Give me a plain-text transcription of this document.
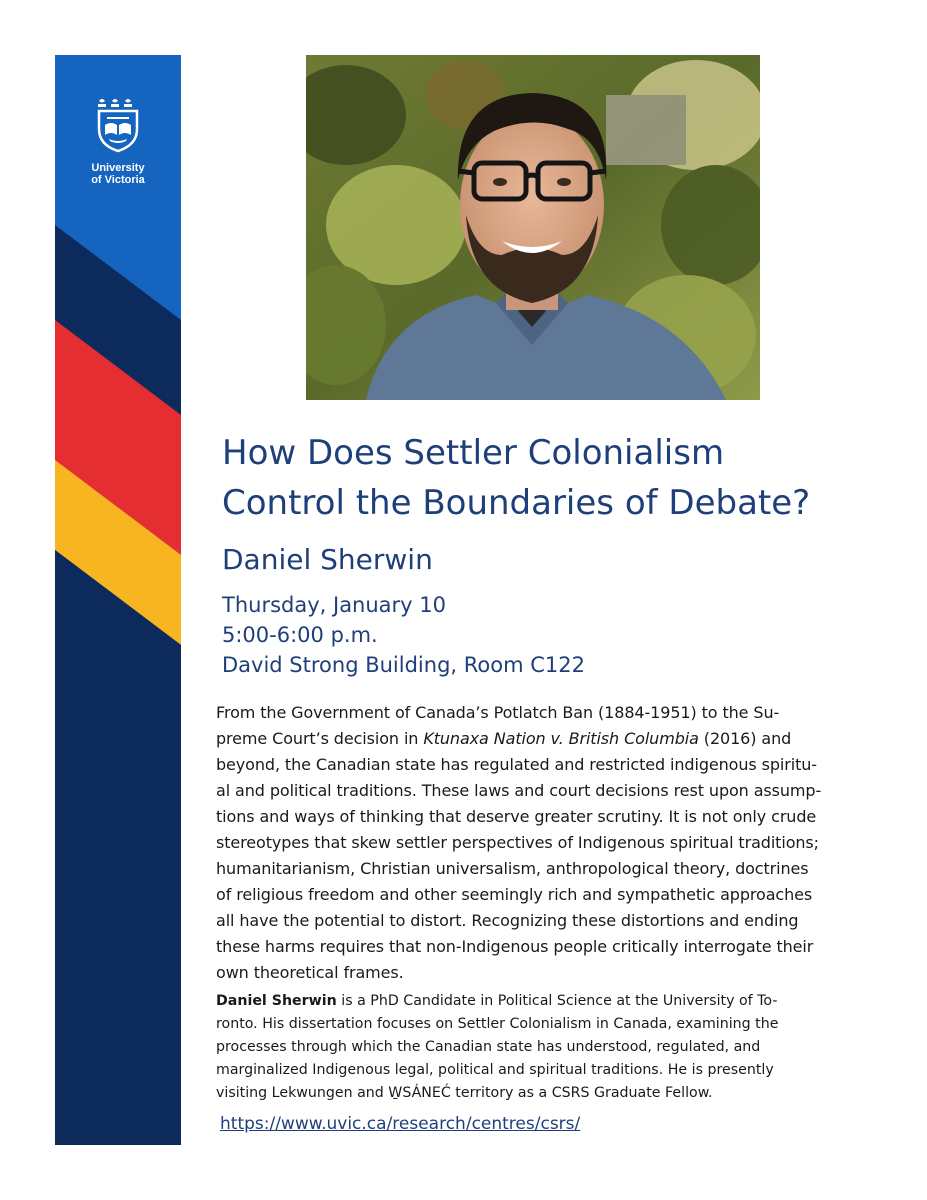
University
of Victoria
How Does Settler Colonialism
Control the Boundaries of Debate?
Daniel Sherwin
Thursday, January 10
5:00-6:00 p.m.
David Strong Building, Room C122

From the Government of Canada’s Potlatch Ban (1884-1951) to the Su-
preme Court’s decision in Ktunaxa Nation v. British Columbia (2016) and
beyond, the Canadian state has regulated and restricted indigenous spiritu-
al and political traditions. These laws and court decisions rest upon assump-
tions and ways of thinking that deserve greater scrutiny. It is not only crude
stereotypes that skew settler perspectives of Indigenous spiritual traditions;
humanitarianism, Christian universalism, anthropological theory, doctrines
of religious freedom and other seemingly rich and sympathetic approaches
all have the potential to distort. Recognizing these distortions and ending
these harms requires that non-Indigenous people critically interrogate their
own theoretical frames.

Daniel Sherwin is a PhD Candidate in Political Science at the University of To-
ronto. His dissertation focuses on Settler Colonialism in Canada, examining the
processes through which the Canadian state has understood, regulated, and
marginalized Indigenous legal, political and spiritual traditions. He is presently
visiting Lekwungen and W̱SÁNEĆ territory as a CSRS Graduate Fellow.

https://www.uvic.ca/research/centres/csrs/
